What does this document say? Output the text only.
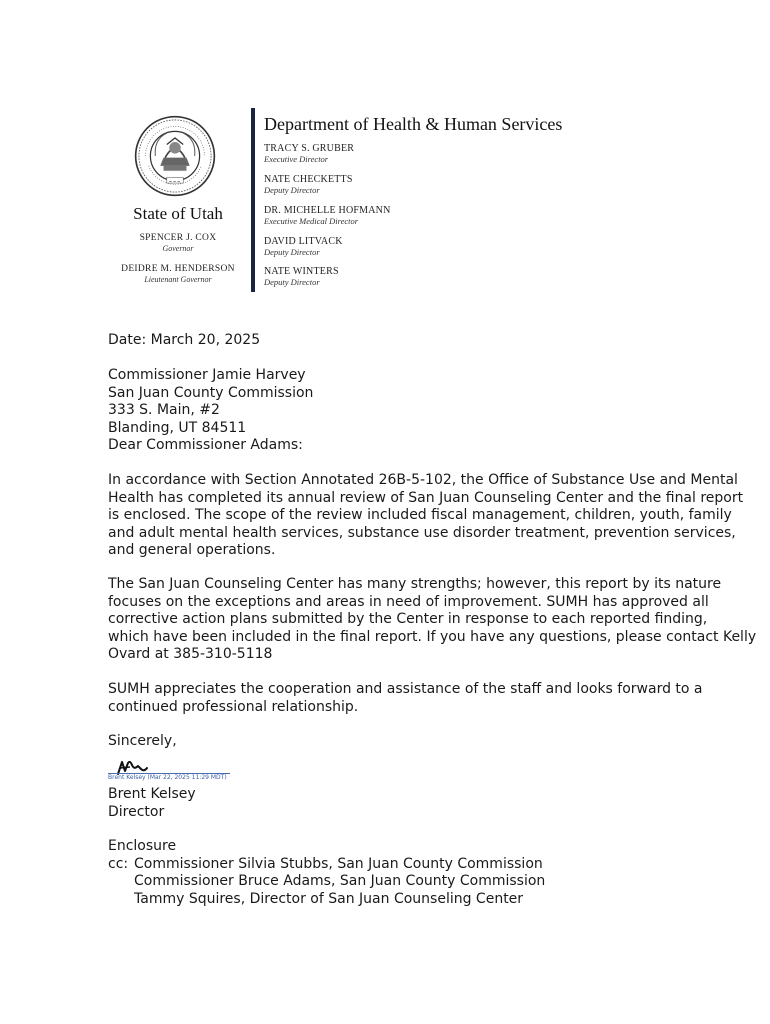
State of Utah
SPENCER J. COX
Governor
DEIDRE M. HENDERSON
Lieutenant Governor
Department of Health & Human Services
TRACY S. GRUBER
Executive Director
NATE CHECKETTS
Deputy Director
DR. MICHELLE HOFMANN
Executive Medical Director
DAVID LITVACK
Deputy Director
NATE WINTERS
Deputy Director
Date: March 20, 2025
Commissioner Jamie Harvey
San Juan County Commission
333 S. Main, #2
Blanding, UT 84511
Dear Commissioner Adams:
In accordance with Section Annotated 26B-5-102, the Office of Substance Use and Mental
Health has completed its annual review of San Juan Counseling Center and the final report
is enclosed. The scope of the review included fiscal management, children, youth, family
and adult mental health services, substance use disorder treatment, prevention services,
and general operations.
The San Juan Counseling Center has many strengths; however, this report by its nature
focuses on the exceptions and areas in need of improvement. SUMH has approved all
corrective action plans submitted by the Center in response to each reported finding,
which have been included in the final report. If you have any questions, please contact Kelly
Ovard at 385-310-5118
SUMH appreciates the cooperation and assistance of the staff and looks forward to a
continued professional relationship.
Sincerely,
Brent Kelsey (Mar 22, 2025 11:29 MDT)
Brent Kelsey
Director
Enclosure
cc: Commissioner Silvia Stubbs, San Juan County Commission
Commissioner Bruce Adams, San Juan County Commission
Tammy Squires, Director of San Juan Counseling Center
